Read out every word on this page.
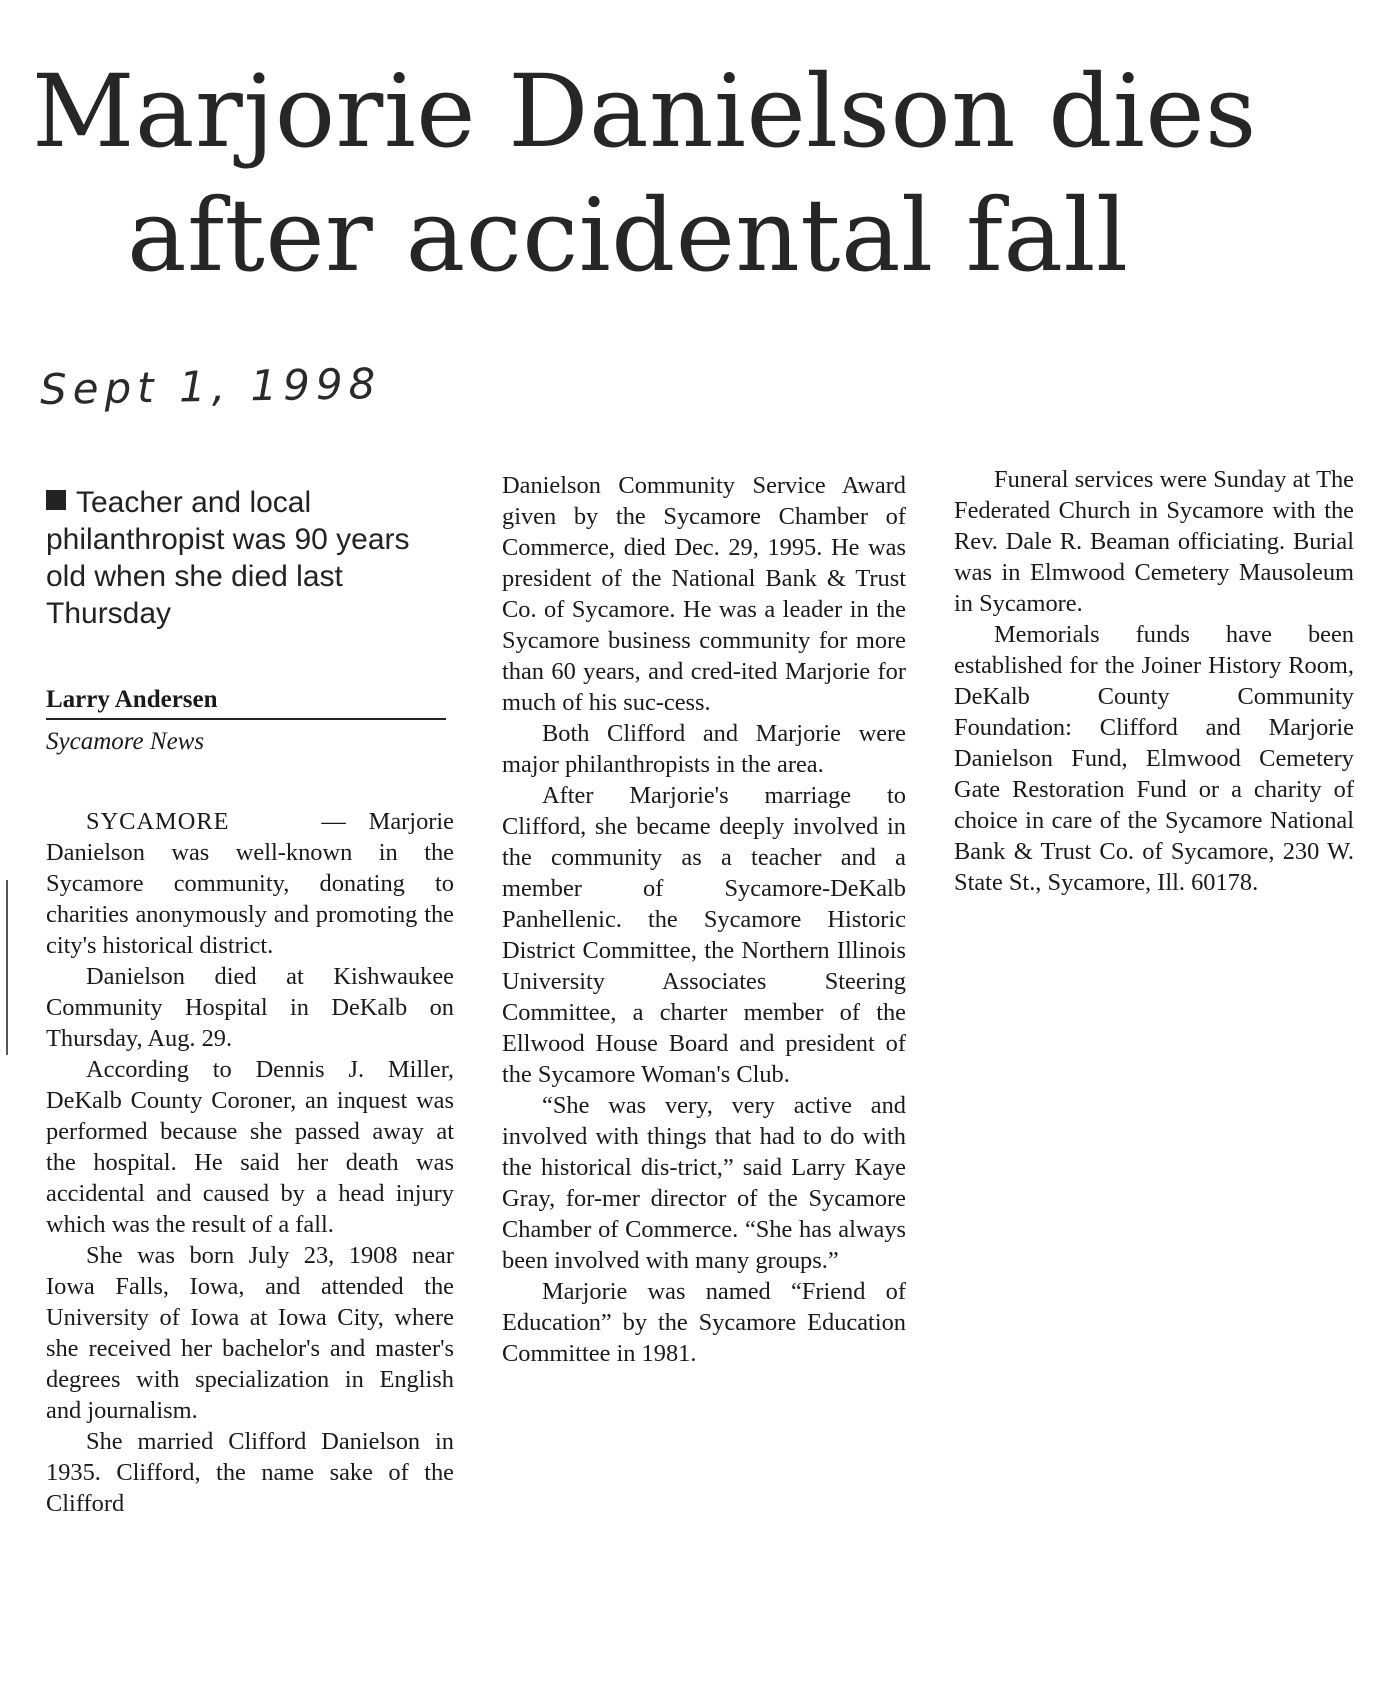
Marjorie Danielson dies
after accidental fall
Sept 1, 1998
Teacher and local philanthropist was 90 years old when she died last Thursday
Larry Andersen
Sycamore News

SYCAMORE	— Marjorie Danielson was well-known in the Sycamore community, donating to charities anonymously and promoting the city's historical district.

Danielson died at Kishwaukee Community Hospital in DeKalb on Thursday, Aug. 29.

According to Dennis J. Miller, DeKalb County Coroner, an inquest was performed because she passed away at the hospital. He said her death was accidental and caused by a head injury which was the result of a fall.

She was born July 23, 1908 near Iowa Falls, Iowa, and attended the University of Iowa at Iowa City, where she received her bachelor's and master's degrees with specialization in English and journalism.

She married Clifford Danielson in 1935. Clifford, the name sake of the Clifford

Danielson Community Service Award given by the Sycamore Chamber of Commerce, died Dec. 29, 1995. He was president of the National Bank & Trust Co. of Sycamore. He was a leader in the Sycamore business community for more than 60 years, and cred-ited Marjorie for much of his suc-cess.

Both Clifford and Marjorie were major philanthropists in the area.

After Marjorie's marriage to Clifford, she became deeply involved in the community as a teacher and a member of Sycamore-DeKalb Panhellenic. the Sycamore Historic District Committee, the Northern Illinois University Associates Steering Committee, a charter member of the Ellwood House Board and president of the Sycamore Woman's Club.

“She was very, very active and involved with things that had to do with the historical dis-trict,” said Larry Kaye Gray, for-mer director of the Sycamore Chamber of Commerce. “She has always been involved with many groups.”

Marjorie was named “Friend of Education” by the Sycamore Education Committee in 1981.

Funeral services were Sunday at The Federated Church in Sycamore with the Rev. Dale R. Beaman officiating. Burial was in Elmwood Cemetery Mausoleum in Sycamore.

Memorials funds have been established for the Joiner History Room, DeKalb County Community Foundation: Clifford and Marjorie Danielson Fund, Elmwood Cemetery Gate Restoration Fund or a charity of choice in care of the Sycamore National Bank & Trust Co. of Sycamore, 230 W. State St., Sycamore, Ill. 60178.
